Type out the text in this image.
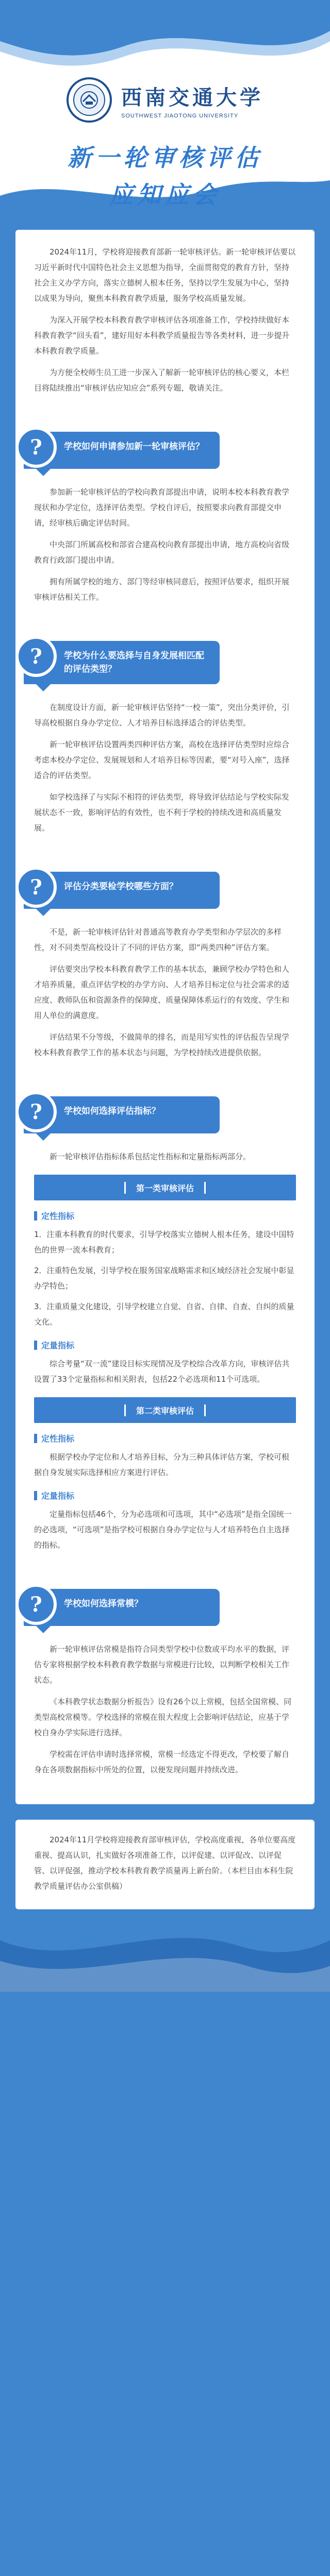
西南交通大学
SOUTHWEST JIAOTONG UNIVERSITY
新一轮审核评估
应知应会

2024年11月，学校将迎接教育部新一轮审核评估。新一轮审核评估要以习近平新时代中国特色社会主义思想为指导，全面贯彻党的教育方针，坚持社会主义办学方向，落实立德树人根本任务，坚持以学生发展为中心，坚持以成果为导向，聚焦本科教育教学质量，服务学校高质量发展。

为深入开展学校本科教育教学审核评估各项准备工作，学校持续做好本科教育教学“回头看”，建好用好本科教学质量报告等各类材料，进一步提升本科教育教学质量。

为方便全校师生员工进一步深入了解新一轮审核评估的核心要义，本栏目将陆续推出“审核评估应知应会”系列专题，敬请关注。

? 学校如何申请参加新一轮审核评估？

参加新一轮审核评估的学校向教育部提出申请，说明本校本科教育教学现状和办学定位，选择评估类型。学校自评后，按照要求向教育部提交申请，经审核后确定评估时间。

中央部门所属高校和部省合建高校向教育部提出申请，地方高校向省级教育行政部门提出申请。

拥有所属学校的地方、部门等经审核同意后，按照评估要求，组织开展审核评估相关工作。

? 学校为什么要选择与自身发展相匹配的评估类型？

在制度设计方面，新一轮审核评估坚持“一校一策”，突出分类评价，引导高校根据自身办学定位、人才培养目标选择适合的评估类型。

新一轮审核评估设置两类四种评估方案，高校在选择评估类型时应综合考虑本校办学定位、发展规划和人才培养目标等因素，要“对号入座”，选择适合的评估类型。

如学校选择了与实际不相符的评估类型，将导致评估结论与学校实际发展状态不一致，影响评估的有效性，也不利于学校的持续改进和高质量发展。

? 评估分类要检学校哪些方面？

不是，新一轮审核评估针对普通高等教育办学类型和办学层次的多样性，对不同类型高校设计了不同的评估方案，即“两类四种”评估方案。

评估要突出学校本科教育教学工作的基本状态，兼顾学校办学特色和人才培养质量，重点评估学校的办学方向、人才培养目标定位与社会需求的适应度、教师队伍和资源条件的保障度、质量保障体系运行的有效度、学生和用人单位的满意度。

评估结果不分等级，不做简单的排名，而是用写实性的评估报告呈现学校本科教育教学工作的基本状态与问题，为学校持续改进提供依据。

? 学校如何选择评估指标？

新一轮审核评估指标体系包括定性指标和定量指标两部分。

第一类审核评估
定性指标
1．注重本科教育的时代要求，引导学校落实立德树人根本任务，建设中国特色的世界一流本科教育；
2．注重特色发展，引导学校在服务国家战略需求和区域经济社会发展中彰显办学特色；
3．注重质量文化建设，引导学校建立自觉、自省、自律、自查、自纠的质量文化。
定量指标

综合考量“双一流”建设目标实现情况及学校综合改革方向，审核评估共设置了33个定量指标和相关附表，包括22个必选项和11个可选项。

第二类审核评估
定性指标

根据学校办学定位和人才培养目标，分为三种具体评估方案，学校可根据自身发展实际选择相应方案进行评估。

定量指标

定量指标包括46个，分为必选项和可选项，其中“必选项”是指全国统一的必选项，“可选项”是指学校可根据自身办学定位与人才培养特色自主选择的指标。

? 学校如何选择常模？

新一轮审核评估常模是指符合同类型学校中位数或平均水平的数据，评估专家将根据学校本科教育教学数据与常模进行比较，以判断学校相关工作状态。

《本科教学状态数据分析报告》设有26个以上常模，包括全国常模、同类型高校常模等。学校选择的常模在很大程度上会影响评估结论，应基于学校自身办学实际进行选择。

学校需在评估申请时选择常模，常模一经选定不得更改，学校要了解自身在各项数据指标中所处的位置，以便发现问题并持续改进。

2024年11月学校将迎接教育部审核评估，学校高度重视，各单位要高度重视、提高认识，扎实做好各项准备工作，以评促建、以评促改、以评促管、以评促强，推动学校本科教育教学质量再上新台阶。（本栏目由本科生院教学质量评估办公室供稿）
